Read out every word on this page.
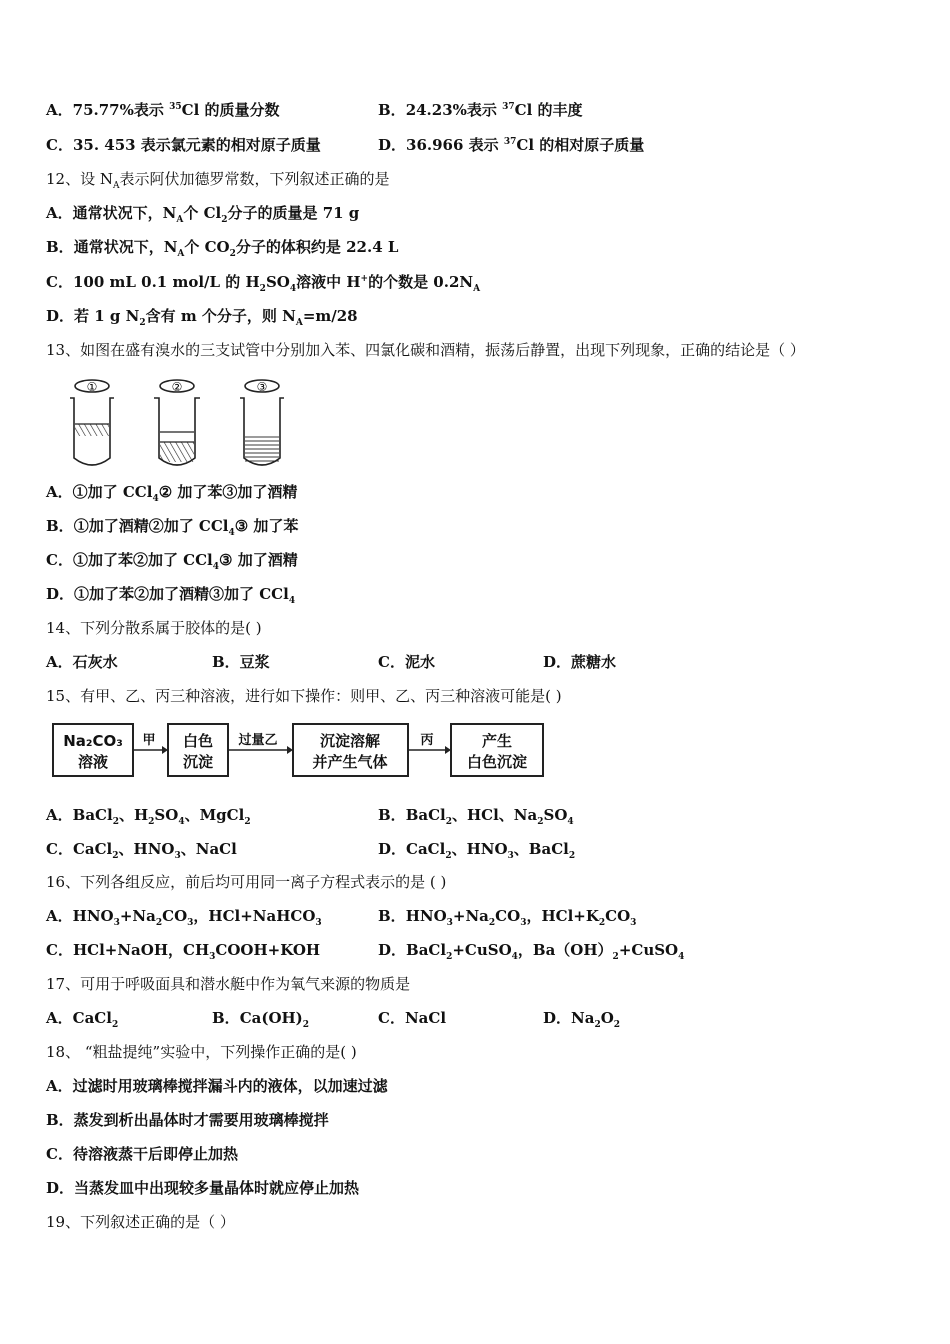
A．75.77%表示 $^{35}$Cl 的质量分数	B．24.23%表示 $^{37}$Cl 的丰度
C．35. 453 表示氯元素的相对原子质量	D．36.966 表示 $^{37}$Cl 的相对原子质量
12、设 $N_A$表示阿伏加德罗常数，下列叙述正确的是
A．通常状况下，$N_A$个 $Cl_2$分子的质量是 71 g
B．通常状况下，$N_A$个 $CO_2$分子的体积约是 22.4 L
C．100 mL 0.1 mol/L 的 $H_2SO_4$溶液中 H+的个数是 $0.2N_A$
D．若 1 g $N_2$含有 m 个分子，则 $N_A=m/28$
13、如图在盛有溴水的三支试管中分别加入苯、四氯化碳和酒精，振荡后静置，出现下列现象，正确的结论是（ ）
①	②	③
A．①加了 CCl$_4$② 加了苯③加了酒精
B．①加了酒精②加了 CCl$_4$③ 加了苯
C．①加了苯②加了 CCl$_4$③ 加了酒精
D．①加了苯②加了酒精③加了 CCl$_4$
14、下列分散系属于胶体的是( )
A．石灰水	B．豆浆	C．泥水	D．蔗糖水
15、有甲、乙、丙三种溶液，进行如下操作：则甲、乙、丙三种溶液可能是( )
Na₂CO₃
溶液
甲 白色
沉淀
过量乙	沉淀溶解
并产生气体
丙	产生
白色沉淀
A．BaCl$_2$、$H_2SO_4$、MgCl$_2$	B．BaCl$_2$、HCl、$Na_2SO_4$
C．CaCl$_2$、$HNO_3$、NaCl	D．CaCl$_2$、$HNO_3$、BaCl$_2$
16、下列各组反应，前后均可用同一离子方程式表示的是 ( )
A．$HNO_3+Na_2CO_3$，HCl+NaHCO$_3$	B．$HNO_3+Na_2CO_3$，$HCl+K_2CO_3$
C．HCl+NaOH，$CH_3COOH+KOH$	D．BaCl$_2$+CuSO$_4$，$Ba(OH)_2+CuSO_4$
17、可用于呼吸面具和潜水艇中作为氧气来源的物质是
A．CaCl$_2$	B．$Ca(OH)_2$	C．NaCl	D．$Na_2O_2$
18、 “粗盐提纯”实验中，下列操作正确的是( )
A．过滤时用玻璃棒搅拌漏斗内的液体，以加速过滤
B．蒸发到析出晶体时才需要用玻璃棒搅拌
C．待溶液蒸干后即停止加热
D．当蒸发皿中出现较多量晶体时就应停止加热
19、下列叙述正确的是（ ）
